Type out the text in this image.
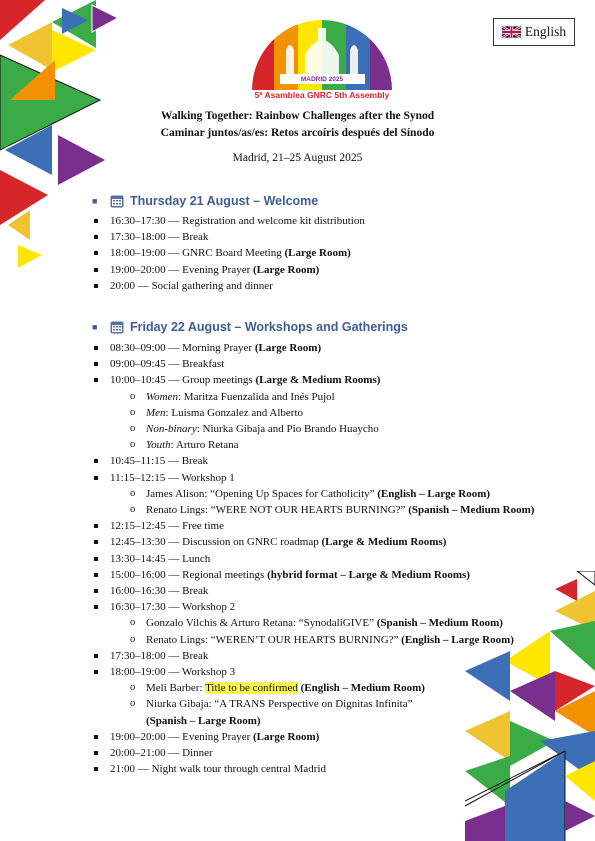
English
MADRID 2025
5ª Asamblea GNRC 5th Assembly
Walking Together: Rainbow Challenges after the Synod
Caminar juntos/as/es: Retos arcoíris después del Sínodo
Madrid, 21–25 August 2025
■	Thursday 21 August – Welcome
16:30–17:30 — Registration and welcome kit distribution
17:30–18:00 — Break
18:00–19:00 — GNRC Board Meeting (Large Room)
19:00–20:00 — Evening Prayer (Large Room)
20:00 — Social gathering and dinner
■	Friday 22 August – Workshops and Gatherings
08:30–09:00 — Morning Prayer (Large Room)
09:00–09:45 — Breakfast
10:00–10:45 — Group meetings (Large & Medium Rooms)
o Women: Maritza Fuenzalida and Inés Pujol
o Men: Luisma Gonzalez and Alberto
o Non-binary: Niurka Gibaja and Pio Brando Huaycho
o Youth: Arturo Retana
10:45–11:15 — Break
11:15–12:15 — Workshop 1
o James Alison: “Opening Up Spaces for Catholicity” (English – Large Room)
o Renato Lings: “WERE NOT OUR HEARTS BURNING?” (Spanish – Medium Room)
12:15–12:45 — Free time
12:45–13:30 — Discussion on GNRC roadmap (Large & Medium Rooms)
13:30–14:45 — Lunch
15:00–16:00 — Regional meetings (hybrid format – Large & Medium Rooms)
16:00–16:30 — Break
16:30–17:30 — Workshop 2
o Gonzalo Vilchis & Arturo Retana: “SynodaliGIVE” (Spanish – Medium Room)
o Renato Lings: “WEREN’T OUR HEARTS BURNING?” (English – Large Room)
17:30–18:00 — Break
18:00–19:00 — Workshop 3
o Meli Barber: Title to be confirmed (English – Medium Room)
o Niurka Gibaja: “A TRANS Perspective on Dignitas Infinita”
(Spanish – Large Room)
19:00–20:00 — Evening Prayer (Large Room)
20:00–21:00 — Dinner
21:00 — Night walk tour through central Madrid
